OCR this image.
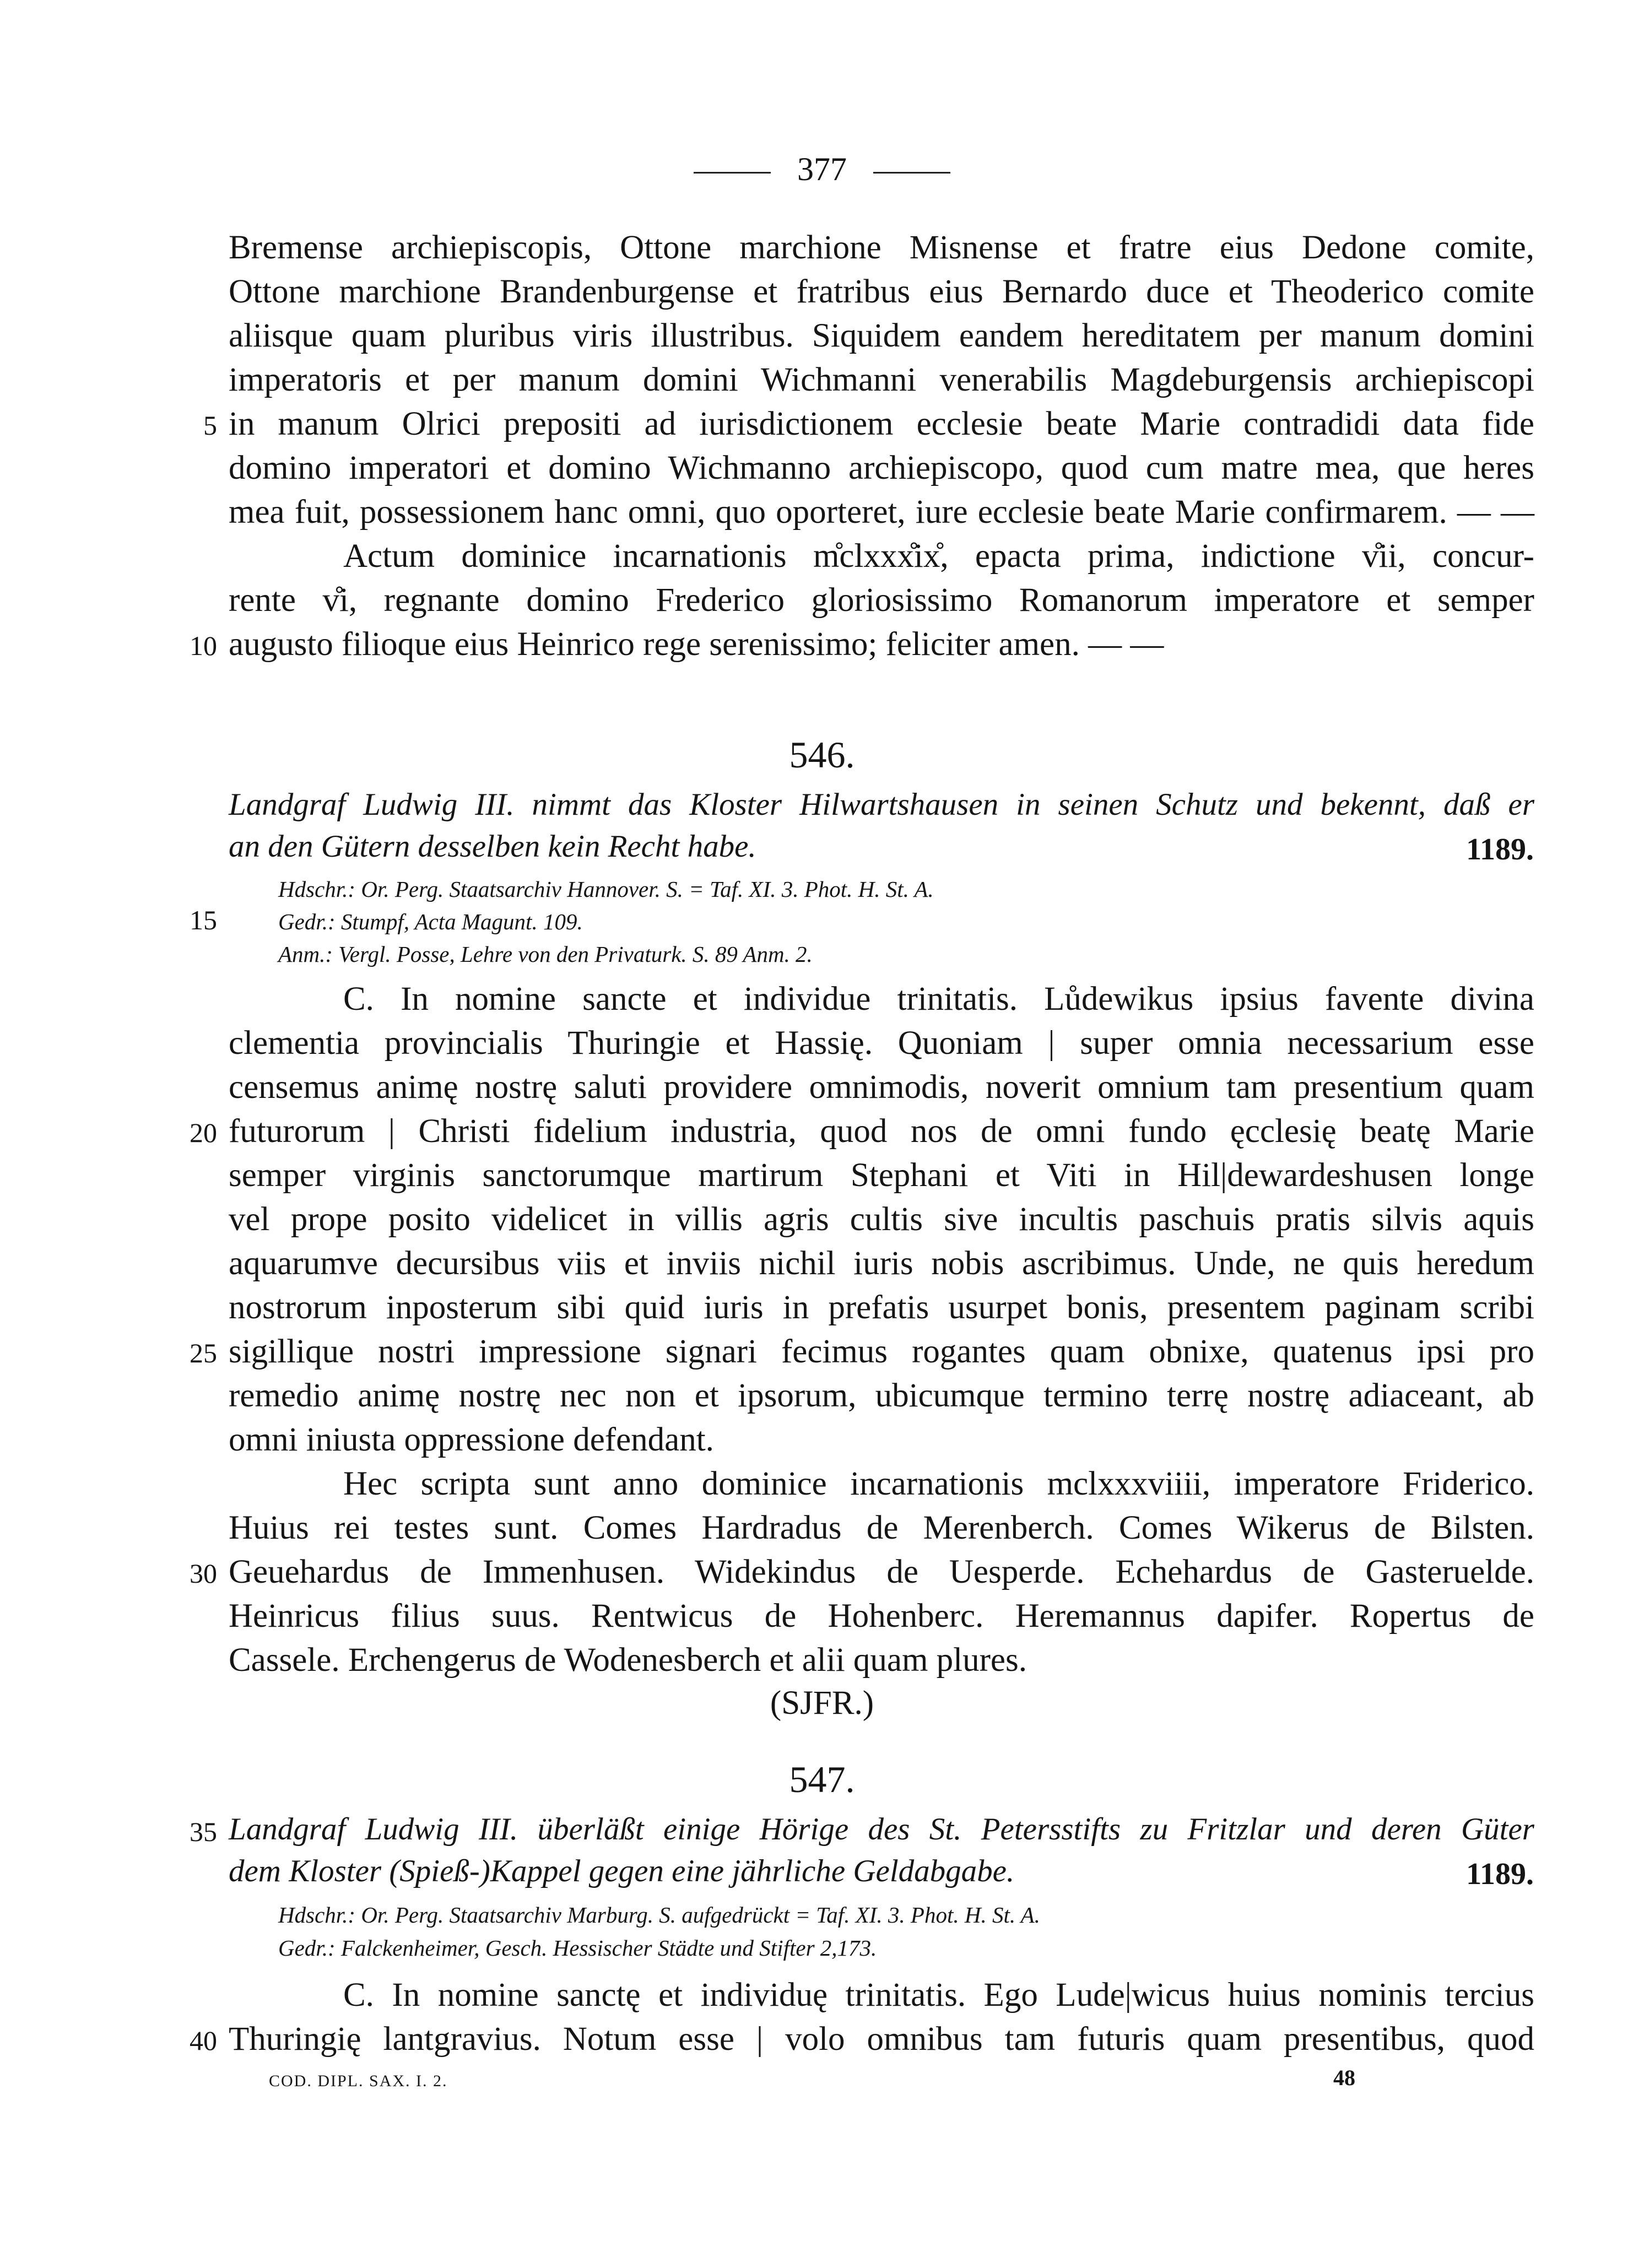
377
Bremense archiepiscopis, Ottone marchione Misnense et fratre eius Dedone comite,
Ottone marchione Brandenburgense et fratribus eius Bernardo duce et Theoderico comite
aliisque quam pluribus viris illustribus. Siquidem eandem hereditatem per manum domini
imperatoris et per manum domini Wichmanni venerabilis Magdeburgensis archiepiscopi
in manum Olrici prepositi ad iurisdictionem ecclesie beate Marie contradidi data fide
domino imperatori et domino Wichmanno archiepiscopo, quod cum matre mea, que heres
mea fuit, possessionem hanc omni, quo oporteret, iure ecclesie beate Marie confirmarem. — —
Actum dominice incarnationis m̊clxxx̊ix̊, epacta prima, indictione v̊ii, concur-
rente v̊i, regnante domino Frederico gloriosissimo Romanorum imperatore et semper
augusto filioque eius Heinrico rege serenissimo; feliciter amen. — —
546.
Landgraf Ludwig III. nimmt das Kloster Hilwartshausen in seinen Schutz und bekennt, daß er
an den Gütern desselben kein Recht habe.	1189.
Hdschr.: Or. Perg. Staatsarchiv Hannover. S. = Taf. XI. 3. Phot. H. St. A.
Gedr.: Stumpf, Acta Magunt. 109.
Anm.: Vergl. Posse, Lehre von den Privaturk. S. 89 Anm. 2.
C. In nomine sancte et individue trinitatis. Lůdewikus ipsius favente divina
clementia provincialis Thuringie et Hassię. Quoniam | super omnia necessarium esse
censemus animę nostrę saluti providere omnimodis, noverit omnium tam presentium quam
futurorum | Christi fidelium industria, quod nos de omni fundo ęcclesię beatę Marie
semper virginis sanctorumque martirum Stephani et Viti in Hil|dewardeshusen longe
vel prope posito videlicet in villis agris cultis sive incultis paschuis pratis silvis aquis
aquarumve decursibus viis et inviis nichil iuris nobis ascribimus. Unde, ne quis heredum
nostrorum inposterum sibi quid iuris in prefatis usurpet bonis, presentem paginam scribi
sigillique nostri impressione signari fecimus rogantes quam obnixe, quatenus ipsi pro
remedio animę nostrę nec non et ipsorum, ubicumque termino terrę nostrę adiaceant, ab
omni iniusta oppressione defendant.
Hec scripta sunt anno dominice incarnationis mclxxxviiii, imperatore Friderico.
Huius rei testes sunt. Comes Hardradus de Merenberch. Comes Wikerus de Bilsten.
Geuehardus de Immenhusen. Widekindus de Uesperde. Echehardus de Gasteruelde.
Heinricus filius suus. Rentwicus de Hohenberc. Heremannus dapifer. Ropertus de
Cassele. Erchengerus de Wodenesberch et alii quam plures.
(SJFR.)
547.
Landgraf Ludwig III. überläßt einige Hörige des St. Petersstifts zu Fritzlar und deren Güter
dem Kloster (Spieß-)Kappel gegen eine jährliche Geldabgabe.	1189.
Hdschr.: Or. Perg. Staatsarchiv Marburg. S. aufgedrückt = Taf. XI. 3. Phot. H. St. A.
Gedr.: Falckenheimer, Gesch. Hessischer Städte und Stifter 2,173.
C. In nomine sanctę et individuę trinitatis. Ego Lude|wicus huius nominis tercius
Thuringię lantgravius. Notum esse | volo omnibus tam futuris quam presentibus, quod
5
10
15
20
25
30
35
40
COD. DIPL. SAX. I. 2.	48
